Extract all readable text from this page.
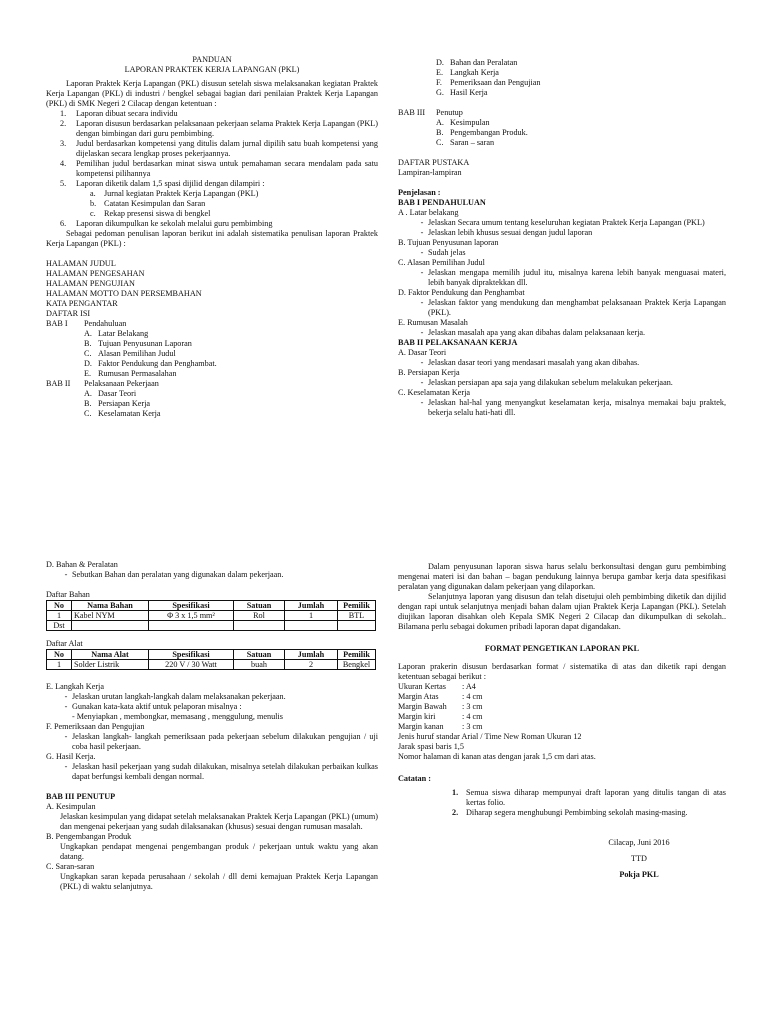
PANDUAN

LAPORAN PRAKTEK KERJA LAPANGAN (PKL)

Laporan Praktek Kerja Lapangan (PKL) disusun setelah siswa melaksanakan kegiatan Praktek Kerja Lapangan (PKL) di industri / bengkel sebagai bagian dari penilaian Praktek Kerja Lapangan (PKL) di SMK Negeri 2 Cilacap dengan ketentuan :

1.	Laporan dibuat secara individu
2.	Laporan disusun berdasarkan pelaksanaan pekerjaan selama Praktek Kerja Lapangan (PKL) dengan bimbingan dari guru pembimbing.
3.	Judul berdasarkan kompetensi yang ditulis dalam jurnal dipilih satu buah kompetensi yang dijelaskan secara lengkap proses pekerjaannya.
4.	Pemilihan judul berdasarkan minat siswa untuk pemahaman secara mendalam pada satu kompetensi pilihannya
5.	Laporan diketik dalam 1,5 spasi dijilid dengan dilampiri :
a.	Jurnal kegiatan Praktek Kerja Lapangan (PKL)
b. Catatan Kesimpulan dan Saran
c.	Rekap presensi siswa di bengkel
6.	Laporan dikumpulkan ke sekolah melalui guru pembimbing

Sebagai pedoman penulisan laporan berikut ini adalah sistematika penulisan laporan Praktek Kerja Lapangan (PKL) :

HALAMAN JUDUL

HALAMAN PENGESAHAN

HALAMAN PENGUJIAN

HALAMAN MOTTO DAN PERSEMBAHAN

KATA PENGANTAR

DAFTAR ISI

BAB I	Pendahuluan
A. Latar Belakang
B. Tujuan Penyusunan Laporan
C. Alasan Pemilihan Judul
D. Faktor Pendukung dan Penghambat.
E. Rumusan Permasalahan
BAB II	Pelaksanaan Pekerjaan
A. Dasar Teori
B. Persiapan Kerja
C. Keselamatan Kerja
D. Bahan dan Peralatan
E. Langkah Kerja
F. Pemeriksaan dan Pengujian
G. Hasil Kerja
BAB III	Penutup
A. Kesimpulan
B. Pengembangan Produk.
C. Saran – saran

DAFTAR PUSTAKA

Lampiran-lampiran

Penjelasan :

BAB I PENDAHULUAN

A . Latar belakang

- Jelaskan Secara umum tentang keseluruhan kegiatan Praktek Kerja Lapangan (PKL)
- Jelaskan lebih khusus sesuai dengan judul laporan

B. Tujuan Penyusunan laporan

- Sudah jelas

C. Alasan Pemilihan Judul

- Jelaskan mengapa memilih judul itu, misalnya karena lebih banyak menguasai materi, lebih banyak dipraktekkan dll.

D. Faktor Pendukung dan Penghambat

- Jelaskan faktor yang mendukung dan menghambat pelaksanaan Praktek Kerja Lapangan (PKL).

E. Rumusan Masalah

- Jelaskan masalah apa yang akan dibahas dalam pelaksanaan kerja.

BAB II PELAKSANAAN KERJA

A. Dasar Teori

- Jelaskan dasar teori yang mendasari masalah yang akan dibahas.

B. Persiapan Kerja

- Jelaskan persiapan apa saja yang dilakukan sebelum melakukan pekerjaan.

C. Keselamatan Kerja

- Jelaskan hal-hal yang menyangkut keselamatan kerja, misalnya memakai baju praktek, bekerja selalu hati-hati dll.

D. Bahan & Peralatan

- Sebutkan Bahan dan peralatan yang digunakan dalam pekerjaan.

Daftar Bahan

No	Nama Bahan	Spesifikasi	Satuan	Jumlah	Pemilik
1	Kabel NYM	Φ 3 x 1,5 mm²	Rol	1	BTL
Dst					

Daftar Alat

No	Nama Alat	Spesifikasi	Satuan	Jumlah	Pemilik
1	Solder Listrik	220 V / 30 Watt	buah	2	Bengkel

E. Langkah Kerja

- Jelaskan urutan langkah-langkah dalam melaksanakan pekerjaan.
- Gunakan kata-kata aktif untuk pelaporan misalnya :

- Menyiapkan , membongkar, memasang , menggulung, menulis

F. Pemeriksaan dan Pengujian

- Jelaskan langkah- langkah pemeriksaan pada pekerjaan sebelum dilakukan pengujian / uji coba hasil pekerjaan.

G. Hasil Kerja.

- Jelaskan hasil pekerjaan yang sudah dilakukan, misalnya setelah dilakukan perbaikan kulkas dapat berfungsi kembali dengan normal.

BAB III PENUTUP

A. Kesimpulan

Jelaskan kesimpulan yang didapat setelah melaksanakan Praktek Kerja Lapangan (PKL) (umum) dan mengenai pekerjaan yang sudah dilaksanakan (khusus) sesuai dengan rumusan masalah.

B. Pengembangan Produk

Ungkapkan pendapat mengenai pengembangan produk / pekerjaan untuk waktu yang akan datang.

C. Saran-saran

Ungkapkan saran kepada perusahaan / sekolah / dll demi kemajuan Praktek Kerja Lapangan (PKL) di waktu selanjutnya.

Dalam penyusunan laporan siswa harus selalu berkonsultasi dengan guru pembimbing mengenai materi isi dan bahan – bagan pendukung lainnya berupa gambar kerja data spesifikasi peralatan yang digunakan dalam pekerjaan yang dilaporkan.

Selanjutnya laporan yang disusun dan telah disetujui oleh pembimbing diketik dan dijilid dengan rapi untuk selanjutnya menjadi bahan dalam ujian Praktek Kerja Lapangan (PKL). Setelah diujikan laporan disahkan oleh Kepala SMK Negeri 2 Cilacap dan dikumpulkan di sekolah.. Bilamana perlu sebagai dokumen pribadi laporan dapat digandakan.

FORMAT PENGETIKAN LAPORAN PKL

Laporan prakerin disusun berdasarkan format / sistematika di atas dan diketik rapi dengan ketentuan sebagai berikut :

Ukuran Kertas	: A4
Margin Atas	: 4 cm
Margin Bawah	: 3 cm
Margin kiri	: 4 cm
Margin kanan	: 3 cm

Jenis huruf standar Arial / Time New Roman Ukuran 12

Jarak spasi baris 1,5

Nomor halaman di kanan atas dengan jarak 1,5 cm dari atas.

Catatan :

1. Semua siswa diharap mempunyai draft laporan yang ditulis tangan di atas kertas folio.
2. Diharap segera menghubungi Pembimbing sekolah masing-masing.

Cilacap, Juni 2016

TTD

Pokja PKL
